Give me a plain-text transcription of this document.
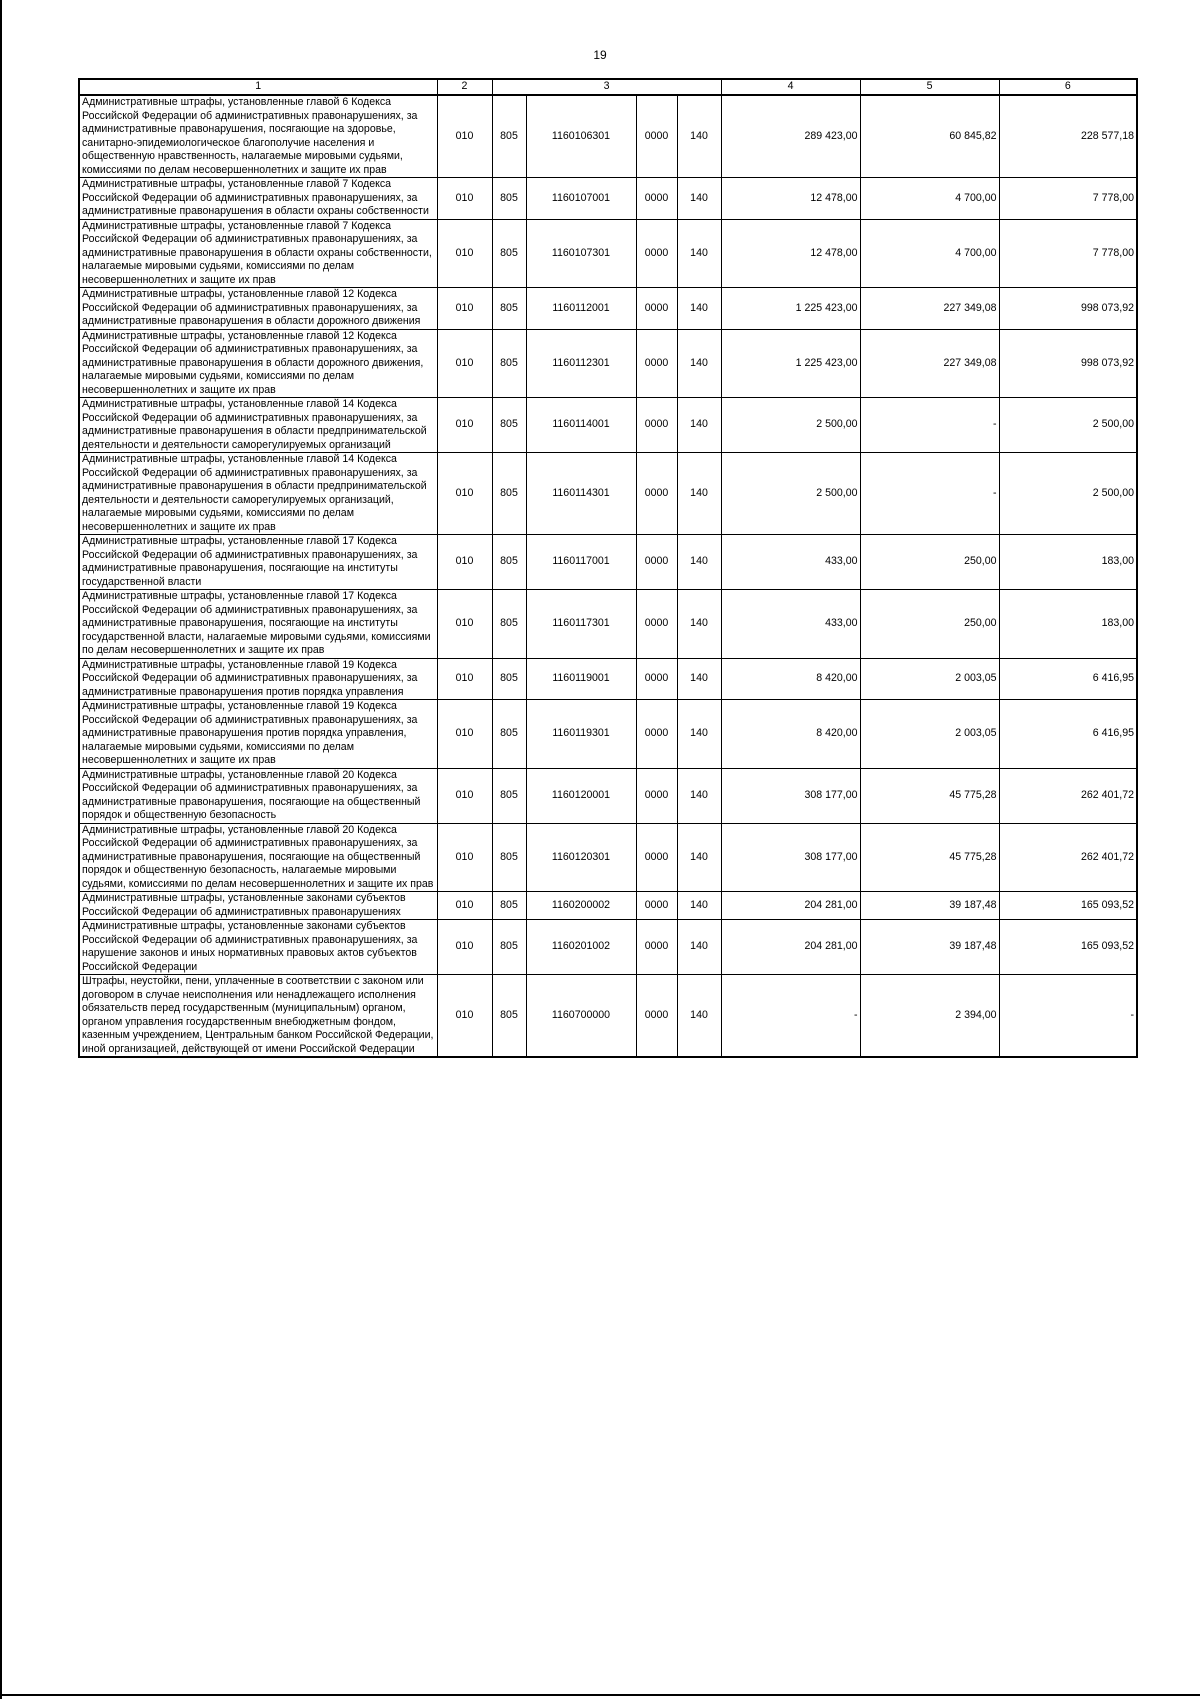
19
1	2	3				4	5	6
Административные штрафы, установленные главой 6 Кодекса Российской Федерации об административных правонарушениях, за административные правонарушения, посягающие на здоровье, санитарно-эпидемиологическое благополучие населения и общественную нравственность, налагаемые мировыми судьями, комиссиями по делам несовершеннолетних и защите их прав	010	805	1160106301	0000	140	289 423,00	60 845,82	228 577,18
Административные штрафы, установленные главой 7 Кодекса Российской Федерации об административных правонарушениях, за административные правонарушения в области охраны собственности	010	805	1160107001	0000	140	12 478,00	4 700,00	7 778,00
Административные штрафы, установленные главой 7 Кодекса Российской Федерации об административных правонарушениях, за административные правонарушения в области охраны собственности, налагаемые мировыми судьями, комиссиями по делам несовершеннолетних и защите их прав	010	805	1160107301	0000	140	12 478,00	4 700,00	7 778,00
Административные штрафы, установленные главой 12 Кодекса Российской Федерации об административных правонарушениях, за административные правонарушения в области дорожного движения	010	805	1160112001	0000	140	1 225 423,00	227 349,08	998 073,92
Административные штрафы, установленные главой 12 Кодекса Российской Федерации об административных правонарушениях, за административные правонарушения в области дорожного движения, налагаемые мировыми судьями, комиссиями по делам несовершеннолетних и защите их прав	010	805	1160112301	0000	140	1 225 423,00	227 349,08	998 073,92
Административные штрафы, установленные главой 14 Кодекса Российской Федерации об административных правонарушениях, за административные правонарушения в области предпринимательской деятельности и деятельности саморегулируемых организаций	010	805	1160114001	0000	140	2 500,00	-	2 500,00
Административные штрафы, установленные главой 14 Кодекса Российской Федерации об административных правонарушениях, за административные правонарушения в области предпринимательской деятельности и деятельности саморегулируемых организаций, налагаемые мировыми судьями, комиссиями по делам несовершеннолетних и защите их прав	010	805	1160114301	0000	140	2 500,00	-	2 500,00
Административные штрафы, установленные главой 17 Кодекса Российской Федерации об административных правонарушениях, за административные правонарушения, посягающие на институты государственной власти	010	805	1160117001	0000	140	433,00	250,00	183,00
Административные штрафы, установленные главой 17 Кодекса Российской Федерации об административных правонарушениях, за административные правонарушения, посягающие на институты государственной власти, налагаемые мировыми судьями, комиссиями по делам несовершеннолетних и защите их прав	010	805	1160117301	0000	140	433,00	250,00	183,00
Административные штрафы, установленные главой 19 Кодекса Российской Федерации об административных правонарушениях, за административные правонарушения против порядка управления	010	805	1160119001	0000	140	8 420,00	2 003,05	6 416,95
Административные штрафы, установленные главой 19 Кодекса Российской Федерации об административных правонарушениях, за административные правонарушения против порядка управления, налагаемые мировыми судьями, комиссиями по делам несовершеннолетних и защите их прав	010	805	1160119301	0000	140	8 420,00	2 003,05	6 416,95
Административные штрафы, установленные главой 20 Кодекса Российской Федерации об административных правонарушениях, за административные правонарушения, посягающие на общественный порядок и общественную безопасность	010	805	1160120001	0000	140	308 177,00	45 775,28	262 401,72
Административные штрафы, установленные главой 20 Кодекса Российской Федерации об административных правонарушениях, за административные правонарушения, посягающие на общественный порядок и общественную безопасность, налагаемые мировыми судьями, комиссиями по делам несовершеннолетних и защите их прав	010	805	1160120301	0000	140	308 177,00	45 775,28	262 401,72
Административные штрафы, установленные законами субъектов Российской Федерации об административных правонарушениях	010	805	1160200002	0000	140	204 281,00	39 187,48	165 093,52
Административные штрафы, установленные законами субъектов Российской Федерации об административных правонарушениях, за нарушение законов и иных нормативных правовых актов субъектов Российской Федерации	010	805	1160201002	0000	140	204 281,00	39 187,48	165 093,52
Штрафы, неустойки, пени, уплаченные в соответствии с законом или договором в случае неисполнения или ненадлежащего исполнения обязательств перед государственным (муниципальным) органом, органом управления государственным внебюджетным фондом, казенным учреждением, Центральным банком Российской Федерации, иной организацией, действующей от имени Российской Федерации	010	805	1160700000	0000	140	-	2 394,00	-
